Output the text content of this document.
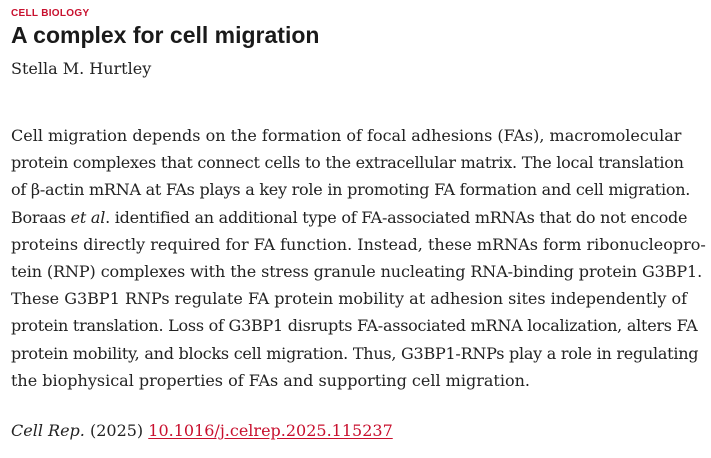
CELL BIOLOGY
A complex for cell migration
Stella M. Hurtley
Cell migration depends on the formation of focal adhesions (FAs), macromolecular
protein complexes that connect cells to the extracellular matrix. The local translation
of β-actin mRNA at FAs plays a key role in promoting FA formation and cell migration.
Boraas et al. identified an additional type of FA-associated mRNAs that do not encode
proteins directly required for FA function. Instead, these mRNAs form ribonucleopro-
tein (RNP) complexes with the stress granule nucleating RNA-binding protein G3BP1.
These G3BP1 RNPs regulate FA protein mobility at adhesion sites independently of
protein translation. Loss of G3BP1 disrupts FA-associated mRNA localization, alters FA
protein mobility, and blocks cell migration. Thus, G3BP1-RNPs play a role in regulating
the biophysical properties of FAs and supporting cell migration.
Cell Rep. (2025) 10.1016/j.celrep.2025.115237
